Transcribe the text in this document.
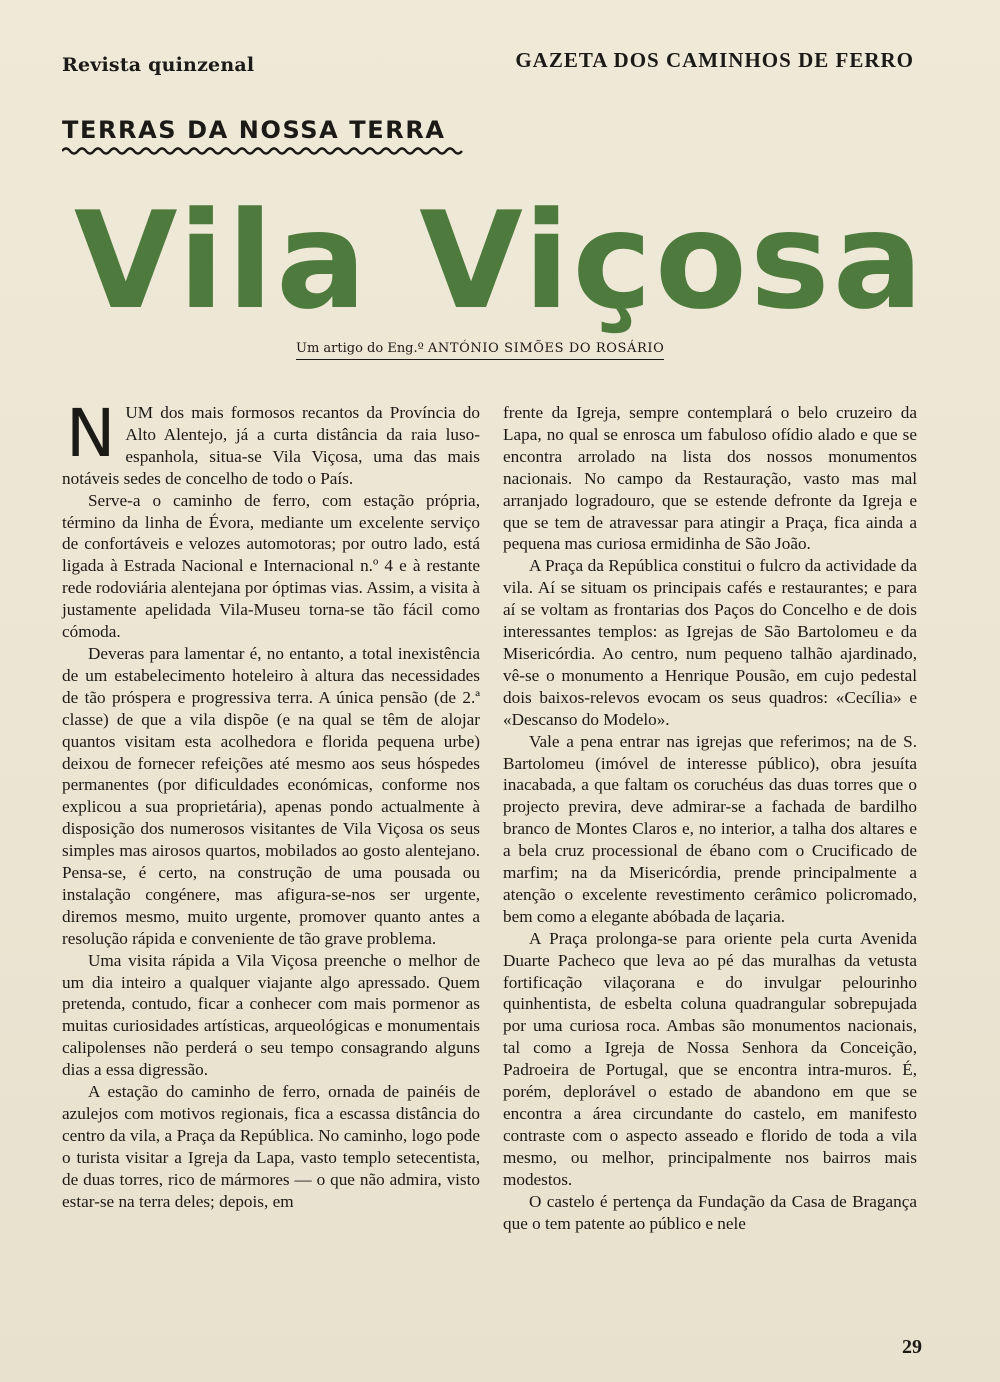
Revista quinzenal	GAZETA DOS CAMINHOS DE FERRO
TERRAS DA NOSSA TERRA
Vila Viçosa
Um artigo do Eng.º ANTÓNIO SIMÕES DO ROSÁRIO

NUM dos mais formosos recantos da Província do Alto Alentejo, já a curta distância da raia luso-espanhola, situa-se Vila Viçosa, uma das mais notáveis sedes de concelho de todo o País.

Serve-a o caminho de ferro, com estação própria, término da linha de Évora, mediante um excelente serviço de confortáveis e velozes automotoras; por outro lado, está ligada à Estrada Nacional e Internacional n.º 4 e à restante rede rodoviária alentejana por óptimas vias. Assim, a visita à justamente apelidada Vila-Museu torna-se tão fácil como cómoda.

Deveras para lamentar é, no entanto, a total inexistência de um estabelecimento hoteleiro à altura das necessidades de tão próspera e progressiva terra. A única pensão (de 2.ª classe) de que a vila dispõe (e na qual se têm de alojar quantos visitam esta acolhedora e florida pequena urbe) deixou de fornecer refeições até mesmo aos seus hóspedes permanentes (por dificuldades económicas, conforme nos explicou a sua proprietária), apenas pondo actualmente à disposição dos numerosos visitantes de Vila Viçosa os seus simples mas airosos quartos, mobilados ao gosto alentejano. Pensa-se, é certo, na construção de uma pousada ou instalação congénere, mas afigura-se-nos ser urgente, diremos mesmo, muito urgente, promover quanto antes a resolução rápida e conveniente de tão grave problema.

Uma visita rápida a Vila Viçosa preenche o melhor de um dia inteiro a qualquer viajante algo apressado. Quem pretenda, contudo, ficar a conhecer com mais pormenor as muitas curiosidades artísticas, arqueológicas e monumentais calipolenses não perderá o seu tempo consagrando alguns dias a essa digressão.

A estação do caminho de ferro, ornada de painéis de azulejos com motivos regionais, fica a escassa distância do centro da vila, a Praça da República. No caminho, logo pode o turista visitar a Igreja da Lapa, vasto templo setecentista, de duas torres, rico de mármores — o que não admira, visto estar-se na terra deles; depois, em

frente da Igreja, sempre contemplará o belo cruzeiro da Lapa, no qual se enrosca um fabuloso ofídio alado e que se encontra arrolado na lista dos nossos monumentos nacionais. No campo da Restauração, vasto mas mal arranjado logradouro, que se estende defronte da Igreja e que se tem de atravessar para atingir a Praça, fica ainda a pequena mas curiosa ermidinha de São João.

A Praça da República constitui o fulcro da actividade da vila. Aí se situam os principais cafés e restaurantes; e para aí se voltam as frontarias dos Paços do Concelho e de dois interessantes templos: as Igrejas de São Bartolomeu e da Misericórdia. Ao centro, num pequeno talhão ajardinado, vê-se o monumento a Henrique Pousão, em cujo pedestal dois baixos-relevos evocam os seus quadros: «Cecília» e «Descanso do Modelo».

Vale a pena entrar nas igrejas que referimos; na de S. Bartolomeu (imóvel de interesse público), obra jesuíta inacabada, a que faltam os coruchéus das duas torres que o projecto previra, deve admirar-se a fachada de bardilho branco de Montes Claros e, no interior, a talha dos altares e a bela cruz processional de ébano com o Crucificado de marfim; na da Misericórdia, prende principalmente a atenção o excelente revestimento cerâmico policromado, bem como a elegante abóbada de laçaria.

A Praça prolonga-se para oriente pela curta Avenida Duarte Pacheco que leva ao pé das muralhas da vetusta fortificação vilaçorana e do invulgar pelourinho quinhentista, de esbelta coluna quadrangular sobrepujada por uma curiosa roca. Ambas são monumentos nacionais, tal como a Igreja de Nossa Senhora da Conceição, Padroeira de Portugal, que se encontra intra-muros. É, porém, deplorável o estado de abandono em que se encontra a área circundante do castelo, em manifesto contraste com o aspecto asseado e florido de toda a vila mesmo, ou melhor, principalmente nos bairros mais modestos.

O castelo é pertença da Fundação da Casa de Bragança que o tem patente ao público e nele

29
